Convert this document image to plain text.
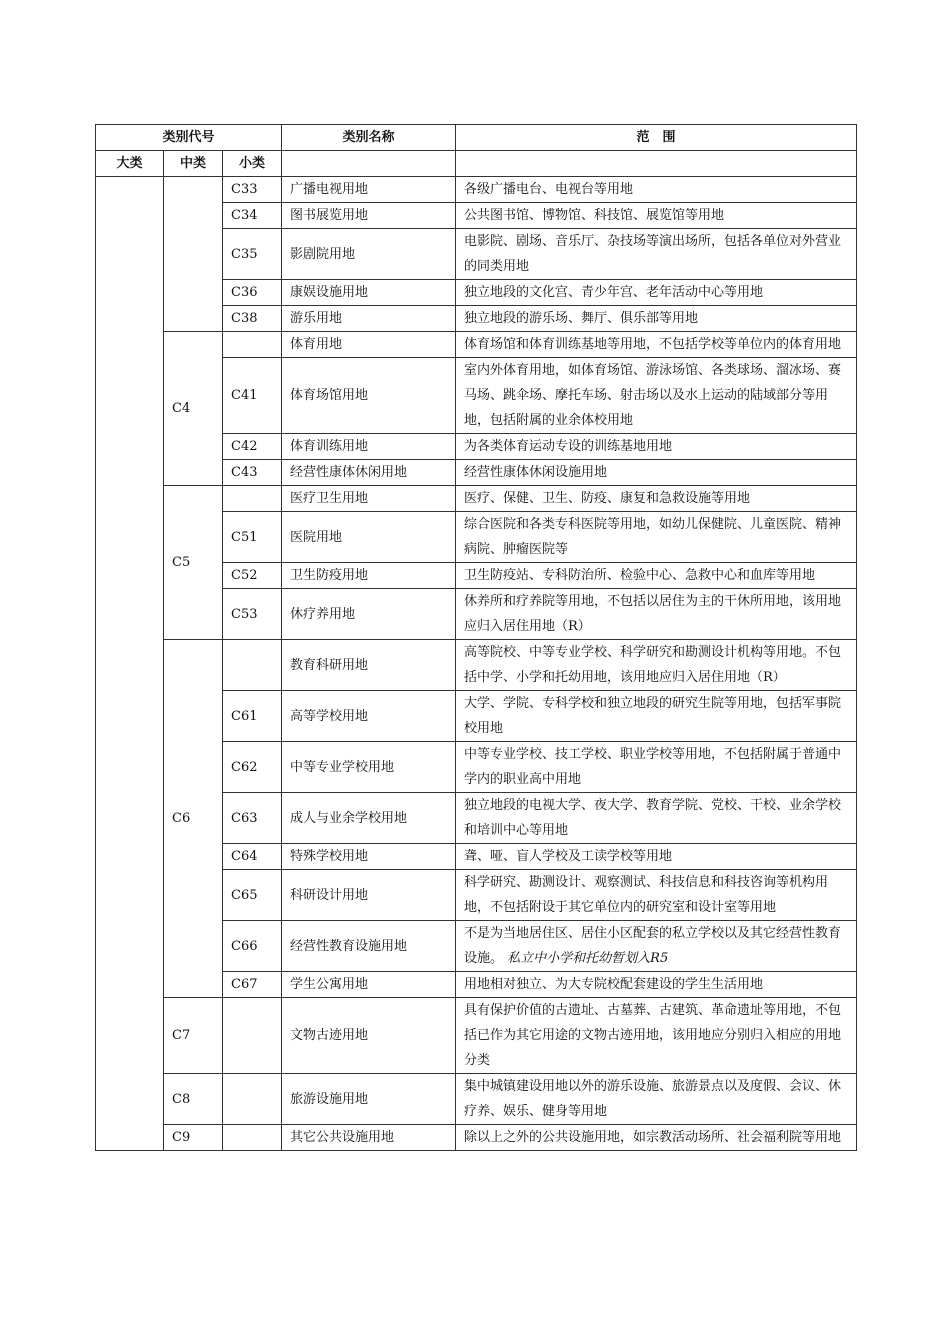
类别代号			类别名称	范　围
大类	中类	小类		
		C33	广播电视用地	各级广播电台、电视台等用地
		C34	图书展览用地	公共图书馆、博物馆、科技馆、展览馆等用地
		C35	影剧院用地	电影院、剧场、音乐厅、杂技场等演出场所，包括各单位对外营业的同类用地
		C36	康娱设施用地	独立地段的文化宫、青少年宫、老年活动中心等用地
		C38	游乐用地	独立地段的游乐场、舞厅、俱乐部等用地
	C4		体育用地	体育场馆和体育训练基地等用地，不包括学校等单位内的体育用地
		C41	体育场馆用地	室内外体育用地，如体育场馆、游泳场馆、各类球场、溜冰场、赛马场、跳伞场、摩托车场、射击场以及水上运动的陆域部分等用地，包括附属的业余体校用地
		C42	体育训练用地	为各类体育运动专设的训练基地用地
		C43	经营性康体休闲用地	经营性康体休闲设施用地
	C5		医疗卫生用地	医疗、保健、卫生、防疫、康复和急救设施等用地
		C51	医院用地	综合医院和各类专科医院等用地，如幼儿保健院、儿童医院、精神病院、肿瘤医院等
		C52	卫生防疫用地	卫生防疫站、专科防治所、检验中心、急救中心和血库等用地
		C53	休疗养用地	休养所和疗养院等用地，不包括以居住为主的干休所用地，该用地应归入居住用地（R）
	C6		教育科研用地	高等院校、中等专业学校、科学研究和勘测设计机构等用地。不包括中学、小学和托幼用地，该用地应归入居住用地（R）
		C61	高等学校用地	大学、学院、专科学校和独立地段的研究生院等用地，包括军事院校用地
		C62	中等专业学校用地	中等专业学校、技工学校、职业学校等用地，不包括附属于普通中学内的职业高中用地
		C63	成人与业余学校用地	独立地段的电视大学、夜大学、教育学院、党校、干校、业余学校和培训中心等用地
		C64	特殊学校用地	聋、哑、盲人学校及工读学校等用地
		C65	科研设计用地	科学研究、勘测设计、观察测试、科技信息和科技咨询等机构用地，不包括附设于其它单位内的研究室和设计室等用地
		C66	经营性教育设施用地	不是为当地居住区、居住小区配套的私立学校以及其它经营性教育设施。 私立中小学和托幼暂划入R5
		C67	学生公寓用地	用地相对独立、为大专院校配套建设的学生生活用地
	C7		文物古迹用地	具有保护价值的古遗址、古墓葬、古建筑、革命遗址等用地，不包括已作为其它用途的文物古迹用地，该用地应分别归入相应的用地分类
	C8		旅游设施用地	集中城镇建设用地以外的游乐设施、旅游景点以及度假、会议、休疗养、娱乐、健身等用地
	C9		其它公共设施用地	除以上之外的公共设施用地，如宗教活动场所、社会福利院等用地
